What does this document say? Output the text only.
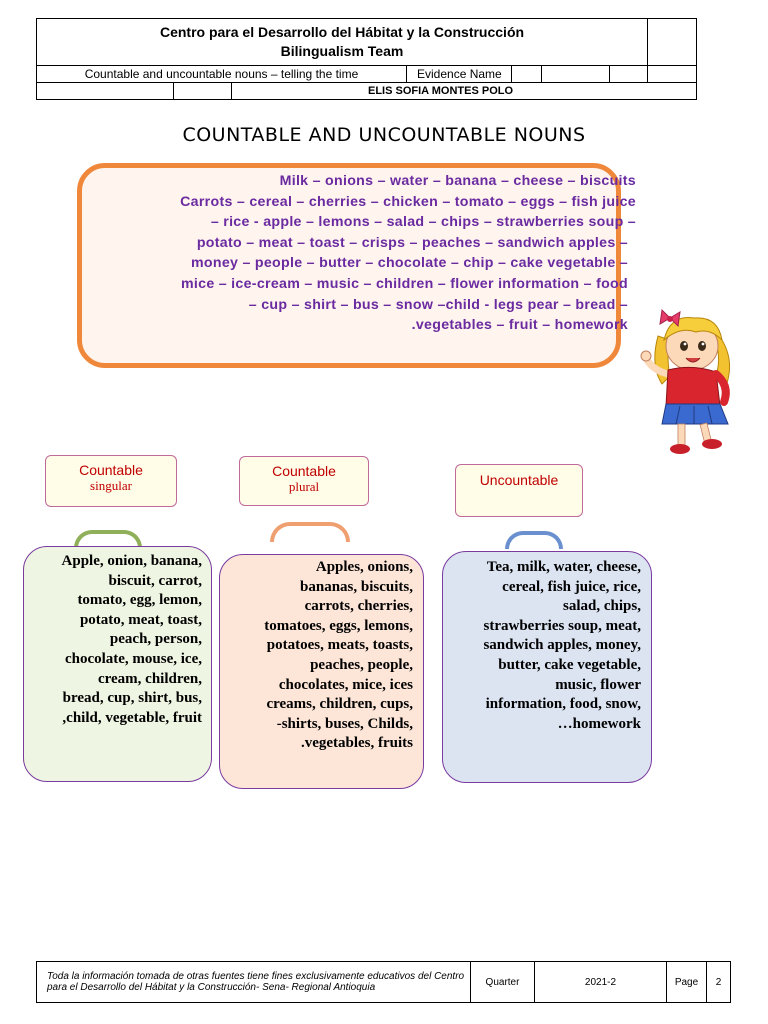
Centro para el Desarrollo del Hábitat y la Construcción
Bilingualism Team							

Countable and uncountable nouns – telling the time			Evidence Name				
		ELIS SOFIA MONTES POLO					
COUNTABLE AND UNCOUNTABLE NOUNS
Milk – onions – water – banana – cheese – biscuits
Carrots – cereal – cherries – chicken – tomato – eggs – fish juice
– rice - apple – lemons – salad – chips – strawberries soup –
potato – meat – toast – crisps – peaches – sandwich apples –
money – people – butter – chocolate – chip – cake vegetable –
mice – ice-cream – music – children – flower information – food
– cup – shirt – bus – snow –child - legs pear – bread –
.vegetables – fruit – homework
Countable
singular
Countable
plural	Uncountable
Apple, onion, banana,
biscuit, carrot,
tomato, egg, lemon,
potato, meat, toast,
peach, person,
chocolate, mouse, ice,
cream, children,
bread, cup, shirt, bus,
,child, vegetable, fruit
Apples, onions,
bananas, biscuits,
carrots, cherries,
tomatoes, eggs, lemons,
potatoes, meats, toasts,
peaches, people,
chocolates, mice, ices
creams, children, cups,
-shirts, buses, Childs,
.vegetables, fruits
Tea, milk, water, cheese,
cereal, fish juice, rice,
salad, chips,
strawberries soup, meat,
sandwich apples, money,
butter, cake vegetable,
music, flower
information, food, snow,
…homework
Toda la información tomada de otras fuentes tiene fines exclusivamente educativos del Centro para el Desarrollo del Hábitat y la Construcción- Sena- Regional Antioquia	Quarter	2021-2	Page	2
